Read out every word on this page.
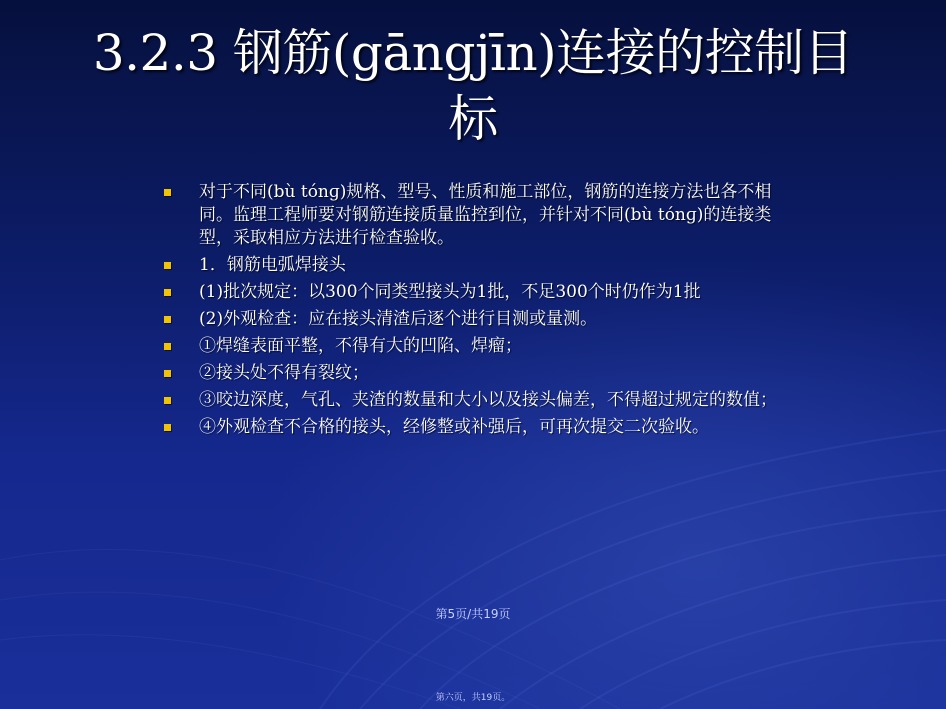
3.2.3 钢筋(gāngjīn)连接的控制目
标
对于不同(bù tónɡ)规格、型号、性质和施工部位，钢筋的连接方法也各不相同。监理工程师要对钢筋连接质量监控到位，并针对不同(bù tónɡ)的连接类型，采取相应方法进行检查验收。
1．钢筋电弧焊接头
(1)批次规定：以300个同类型接头为1批，不足300个时仍作为1批
(2)外观检查：应在接头清渣后逐个进行目测或量测。
①焊缝表面平整，不得有大的凹陷、焊瘤；
②接头处不得有裂纹；
③咬边深度，气孔、夹渣的数量和大小以及接头偏差，不得超过规定的数值；
④外观检查不合格的接头，经修整或补强后，可再次提交二次验收。
第5页/共19页
第六页，共19页。
